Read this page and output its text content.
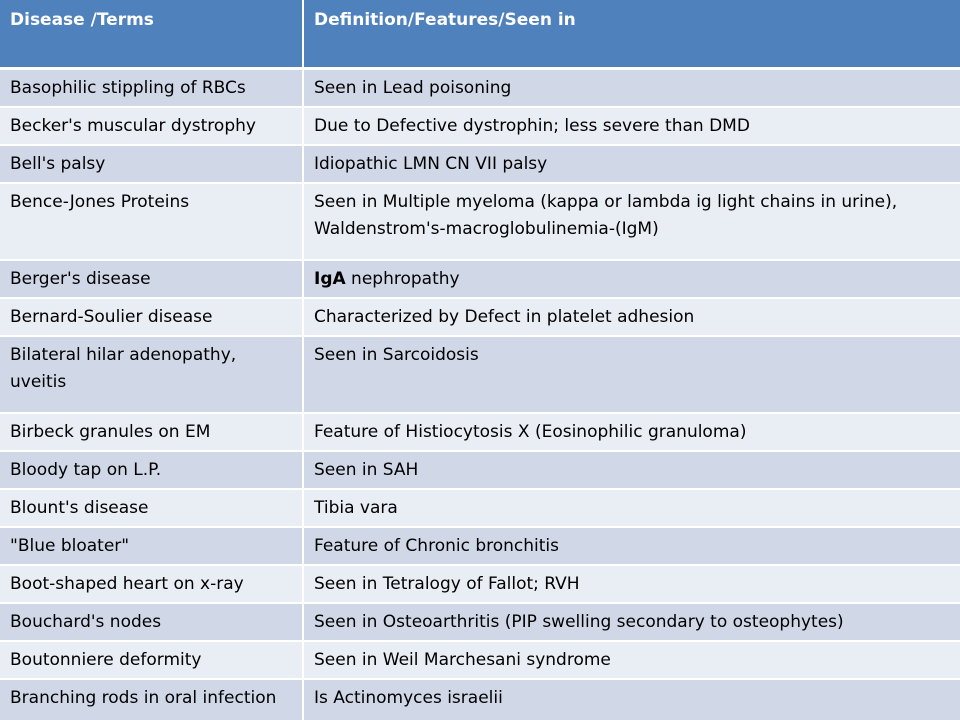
Disease /Terms	Definition/Features/Seen in
Basophilic stippling of RBCs	Seen in Lead poisoning
Becker's muscular dystrophy	Due to Defective dystrophin; less severe than DMD
Bell's palsy	Idiopathic LMN CN VII palsy
Bence-Jones Proteins	Seen in Multiple myeloma (kappa or lambda ig light chains in urine), Waldenstrom's-macroglobulinemia-(IgM)
Berger's disease	IgA nephropathy
Bernard-Soulier disease	Characterized by Defect in platelet adhesion
Bilateral hilar adenopathy, uveitis	Seen in Sarcoidosis
Birbeck granules on EM	Feature of Histiocytosis X (Eosinophilic granuloma)
Bloody tap on L.P.	Seen in SAH
Blount's disease	Tibia vara
"Blue bloater"	Feature of Chronic bronchitis
Boot-shaped heart on x-ray	Seen in Tetralogy of Fallot; RVH
Bouchard's nodes	Seen in Osteoarthritis (PIP swelling secondary to osteophytes)
Boutonniere deformity	Seen in Weil Marchesani syndrome
Branching rods in oral infection	Is Actinomyces israelii
